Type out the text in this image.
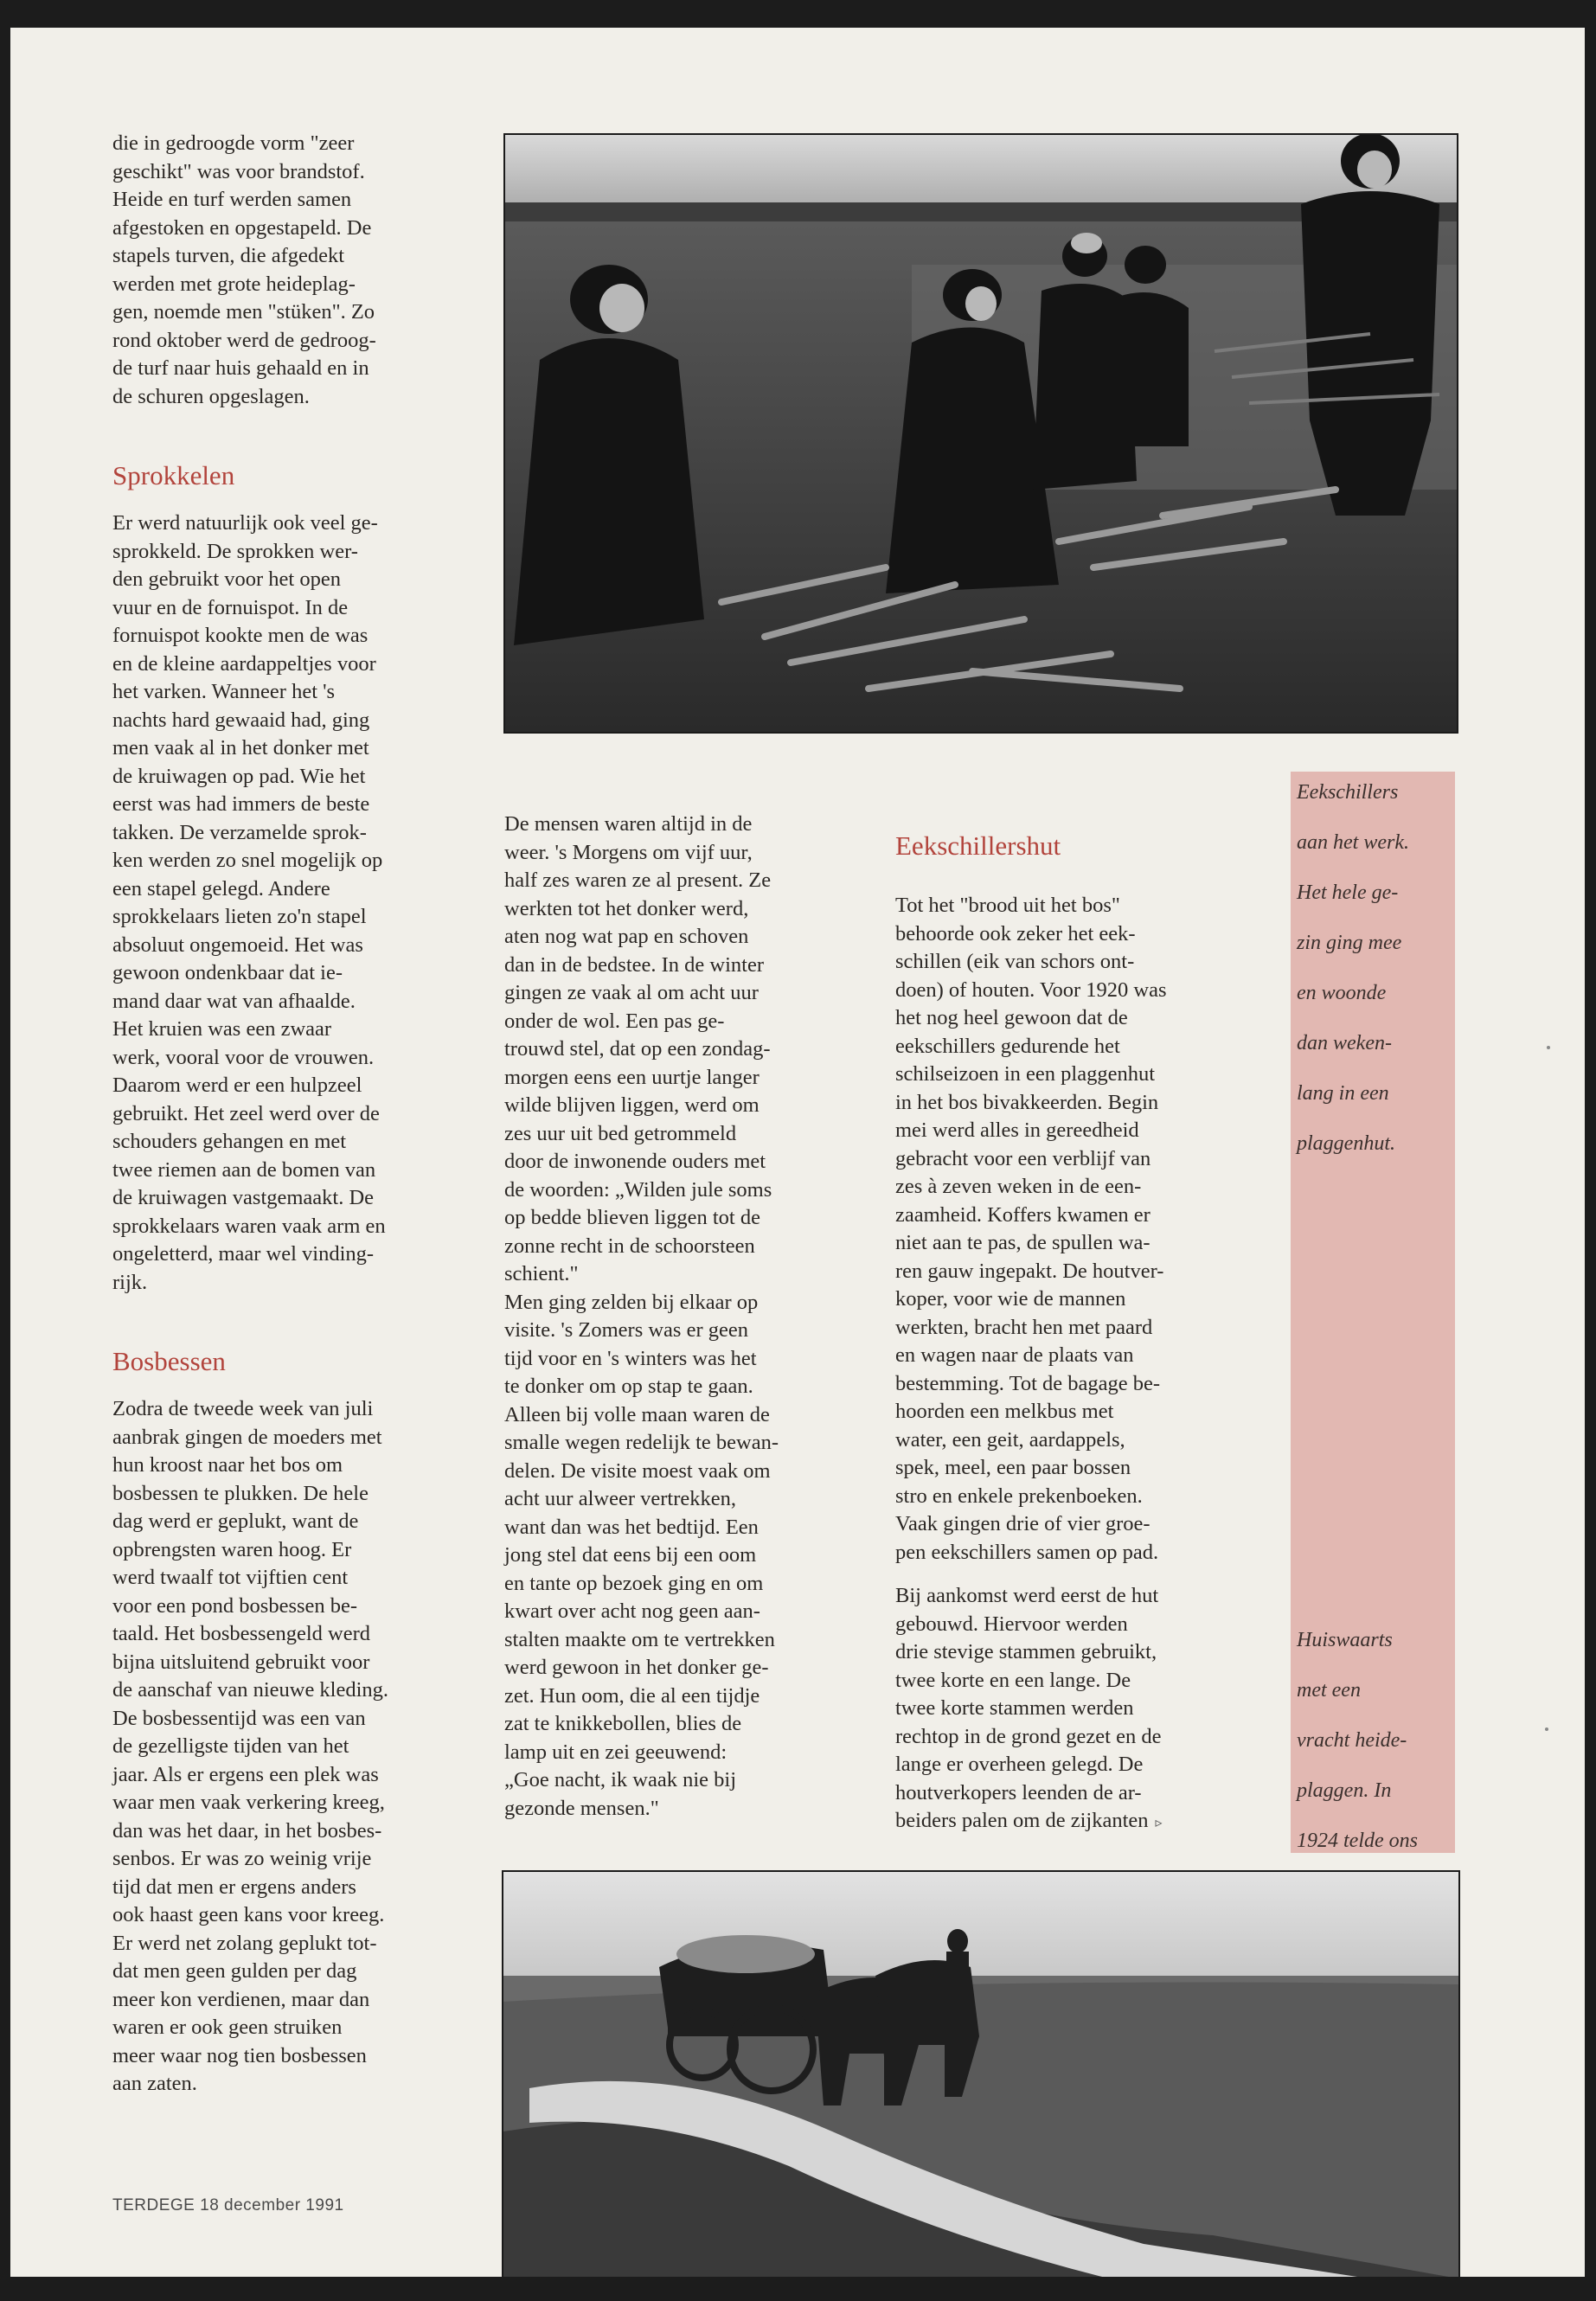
die in gedroogde vorm "zeer
geschikt" was voor brandstof.
Heide en turf werden samen
afgestoken en opgestapeld. De
stapels turven, die afgedekt
werden met grote heideplag-
gen, noemde men "stüken". Zo
rond oktober werd de gedroog-
de turf naar huis gehaald en in
de schuren opgeslagen.

Sprokkelen

Er werd natuurlijk ook veel ge-
sprokkeld. De sprokken wer-
den gebruikt voor het open
vuur en de fornuispot. In de
fornuispot kookte men de was
en de kleine aardappeltjes voor
het varken. Wanneer het 's
nachts hard gewaaid had, ging
men vaak al in het donker met
de kruiwagen op pad. Wie het
eerst was had immers de beste
takken. De verzamelde sprok-
ken werden zo snel mogelijk op
een stapel gelegd. Andere
sprokkelaars lieten zo'n stapel
absoluut ongemoeid. Het was
gewoon ondenkbaar dat ie-
mand daar wat van afhaalde.
Het kruien was een zwaar
werk, vooral voor de vrouwen.
Daarom werd er een hulpzeel
gebruikt. Het zeel werd over de
schouders gehangen en met
twee riemen aan de bomen van
de kruiwagen vastgemaakt. De
sprokkelaars waren vaak arm en
ongeletterd, maar wel vinding-
rijk.

Bosbessen

Zodra de tweede week van juli
aanbrak gingen de moeders met
hun kroost naar het bos om
bosbessen te plukken. De hele
dag werd er geplukt, want de
opbrengsten waren hoog. Er
werd twaalf tot vijftien cent
voor een pond bosbessen be-
taald. Het bosbessengeld werd
bijna uitsluitend gebruikt voor
de aanschaf van nieuwe kleding.
De bosbessentijd was een van
de gezelligste tijden van het
jaar. Als er ergens een plek was
waar men vaak verkering kreeg,
dan was het daar, in het bosbes-
senbos. Er was zo weinig vrije
tijd dat men er ergens anders
ook haast geen kans voor kreeg.
Er werd net zolang geplukt tot-
dat men geen gulden per dag
meer kon verdienen, maar dan
waren er ook geen struiken
meer waar nog tien bosbessen
aan zaten.

Eekschillers

aan het werk.

Het hele ge-

zin ging mee

en woonde

dan weken-

lang in een

plaggenhut.
Huiswaarts

met een

vracht heide-

plaggen. In

1924 telde ons

De mensen waren altijd in de
weer. 's Morgens om vijf uur,
half zes waren ze al present. Ze
werkten tot het donker werd,
aten nog wat pap en schoven
dan in de bedstee. In de winter
gingen ze vaak al om acht uur
onder de wol. Een pas ge-
trouwd stel, dat op een zondag-
morgen eens een uurtje langer
wilde blijven liggen, werd om
zes uur uit bed getrommeld
door de inwonende ouders met
de woorden: „Wilden jule soms
op bedde blieven liggen tot de
zonne recht in de schoorsteen
schient."
Men ging zelden bij elkaar op
visite. 's Zomers was er geen
tijd voor en 's winters was het
te donker om op stap te gaan.
Alleen bij volle maan waren de
smalle wegen redelijk te bewan-
delen. De visite moest vaak om
acht uur alweer vertrekken,
want dan was het bedtijd. Een
jong stel dat eens bij een oom
en tante op bezoek ging en om
kwart over acht nog geen aan-
stalten maakte om te vertrekken
werd gewoon in het donker ge-
zet. Hun oom, die al een tijdje
zat te knikkebollen, blies de
lamp uit en zei geeuwend:
„Goe nacht, ik waak nie bij
gezonde mensen."

Eekschillershut

Tot het "brood uit het bos"
behoorde ook zeker het eek-
schillen (eik van schors ont-
doen) of houten. Voor 1920 was
het nog heel gewoon dat de
eekschillers gedurende het
schilseizoen in een plaggenhut
in het bos bivakkeerden. Begin
mei werd alles in gereedheid
gebracht voor een verblijf van
zes à zeven weken in de een-
zaamheid. Koffers kwamen er
niet aan te pas, de spullen wa-
ren gauw ingepakt. De houtver-
koper, voor wie de mannen
werkten, bracht hen met paard
en wagen naar de plaats van
bestemming. Tot de bagage be-
hoorden een melkbus met
water, een geit, aardappels,
spek, meel, een paar bossen
stro en enkele prekenboeken.
Vaak gingen drie of vier groe-
pen eekschillers samen op pad.

Bij aankomst werd eerst de hut
gebouwd. Hiervoor werden
drie stevige stammen gebruikt,
twee korte en een lange. De
twee korte stammen werden
rechtop in de grond gezet en de
lange er overheen gelegd. De
houtverkopers leenden de ar-
beiders palen om de zijkanten ▹

TERDEGE 18 december 1991
